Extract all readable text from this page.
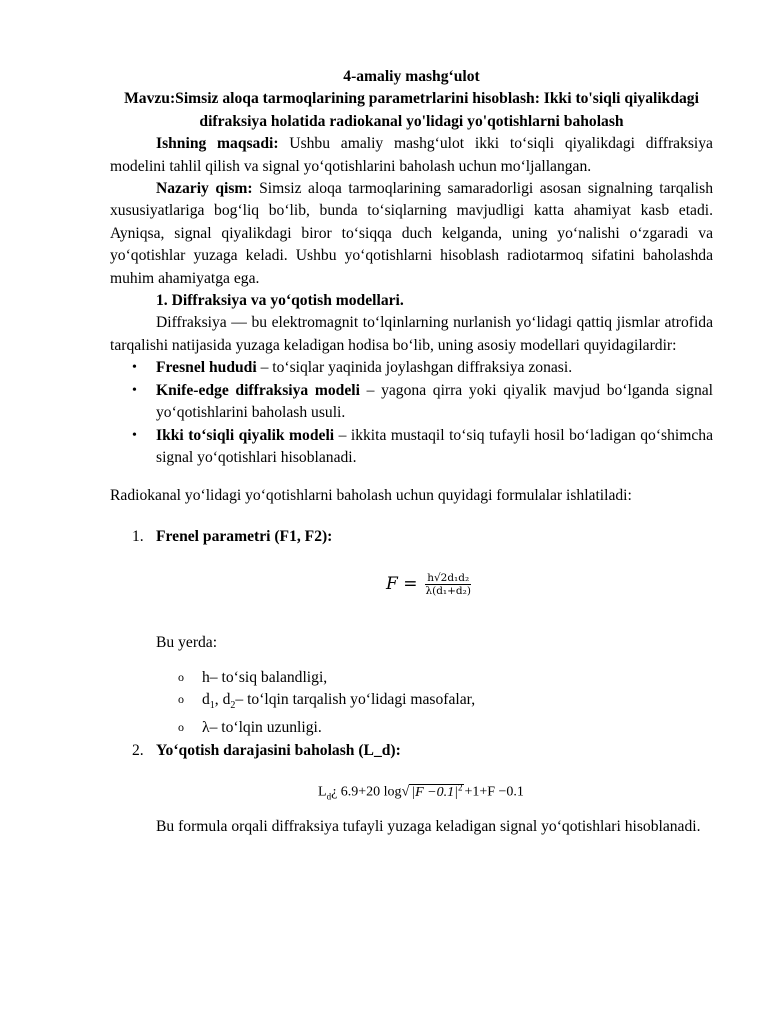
4-amaliy mashg‘ulot
Mavzu:Simsiz aloqa tarmoqlarining parametrlarini hisoblash: Ikki to'siqli qiyalikdagi difraksiya holatida radiokanal yo'lidagi yo'qotishlarni baholash
Ishning maqsadi: Ushbu amaliy mashg‘ulot ikki to‘siqli qiyalikdagi diffraksiya modelini tahlil qilish va signal yo‘qotishlarini baholash uchun mo‘ljallangan.
Nazariy qism: Simsiz aloqa tarmoqlarining samaradorligi asosan signalning tarqalish xususiyatlariga bog‘liq bo‘lib, bunda to‘siqlarning mavjudligi katta ahamiyat kasb etadi. Ayniqsa, signal qiyalikdagi biror to‘siqqa duch kelganda, uning yo‘nalishi o‘zgaradi va yo‘qotishlar yuzaga keladi. Ushbu yo‘qotishlarni hisoblash radiotarmoq sifatini baholashda muhim ahamiyatga ega.
1. Diffraksiya va yo‘qotish modellari.
Diffraksiya — bu elektromagnit to‘lqinlarning nurlanish yo‘lidagi qattiq jismlar atrofida tarqalishi natijasida yuzaga keladigan hodisa bo‘lib, uning asosiy modellari quyidagilardir:
• Fresnel hududi – to‘siqlar yaqinida joylashgan diffraksiya zonasi.
• Knife-edge diffraksiya modeli – yagona qirra yoki qiyalik mavjud bo‘lganda signal yo‘qotishlarini baholash usuli.
• Ikki to‘siqli qiyalik modeli – ikkita mustaqil to‘siq tufayli hosil bo‘ladigan qo‘shimcha signal yo‘qotishlari hisoblanadi.
Radiokanal yo‘lidagi yo‘qotishlarni baholash uchun quyidagi formulalar ishlatiladi:
1. Frenel parametri (F1, F2):
$F = \frac{\text{h√2d₁d₂}}{\text{λ(d₁+d₂)}}$
Bu yerda:
o h– to‘siq balandligi,
o $d_1$, $d_2-$ to‘lqin tarqalish yo‘lidagi masofalar,
o λ– to‘lqin uzunligi.
2. Yo‘qotish darajasini baholash (L_d):
$L_d¿$ 6.9+20 log√ $|F -0.1|^2 +1+F -0.1$
Bu formula orqali diffraksiya tufayli yuzaga keladigan signal yo‘qotishlari hisoblanadi.
